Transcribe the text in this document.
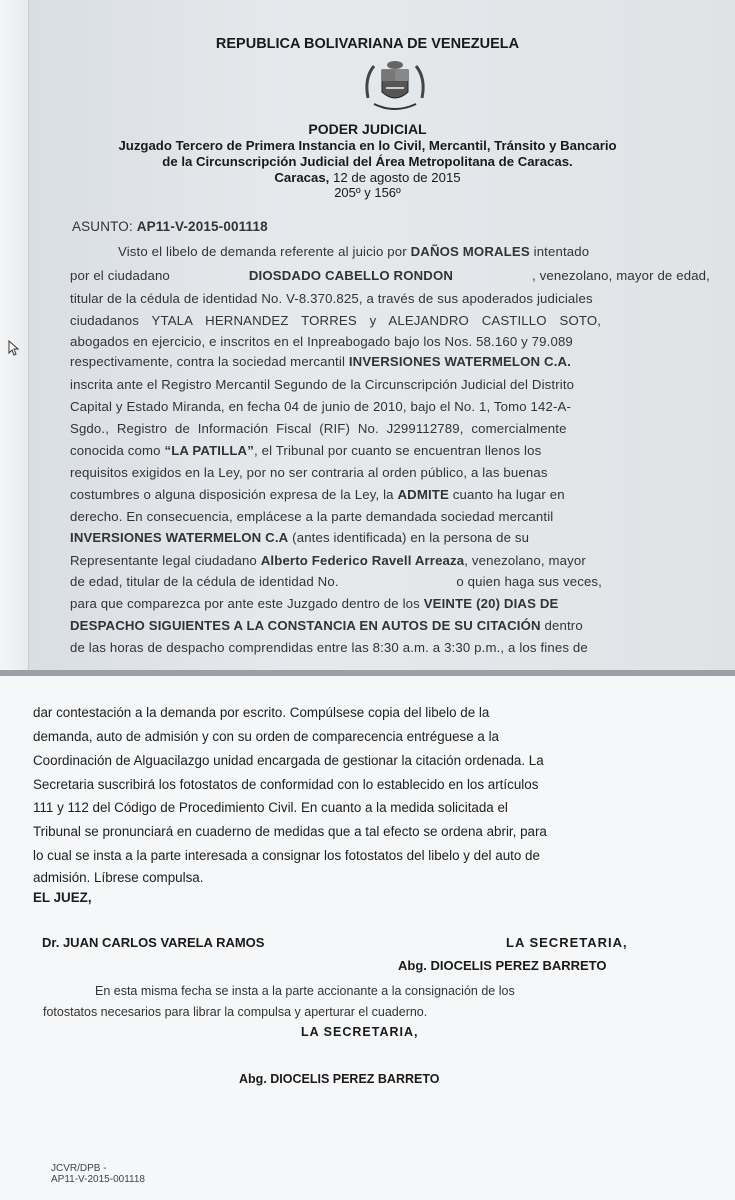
REPUBLICA BOLIVARIANA DE VENEZUELA
PODER JUDICIAL
Juzgado Tercero de Primera Instancia en lo Civil, Mercantil, Tránsito y Bancario
de la Circunscripción Judicial del Área Metropolitana de Caracas.
Caracas, 12 de agosto de 2015
205º y 156º
ASUNTO: AP11-V-2015-001118
Visto el libelo de demanda referente al juicio por DAÑOS MORALES intentado
por el ciudadano	DIOSDADO CABELLO RONDON	, venezolano, mayor de edad,
titular de la cédula de identidad No. V-8.370.825, a través de sus apoderados judiciales
ciudadanos YTALA HERNANDEZ TORRES y ALEJANDRO CASTILLO SOTO,
abogados en ejercicio, e inscritos en el Inpreabogado bajo los Nos. 58.160 y 79.089
respectivamente, contra la sociedad mercantil INVERSIONES WATERMELON C.A.
inscrita ante el Registro Mercantil Segundo de la Circunscripción Judicial del Distrito
Capital y Estado Miranda, en fecha 04 de junio de 2010, bajo el No. 1, Tomo 142-A-
Sgdo., Registro de Información Fiscal (RIF) No. J299112789, comercialmente
conocida como “LA PATILLA”, el Tribunal por cuanto se encuentran llenos los
requisitos exigidos en la Ley, por no ser contraria al orden público, a las buenas
costumbres o alguna disposición expresa de la Ley, la ADMITE cuanto ha lugar en
derecho. En consecuencia, emplácese a la parte demandada sociedad mercantil
INVERSIONES WATERMELON C.A (antes identificada) en la persona de su
Representante legal ciudadano Alberto Federico Ravell Arreaza, venezolano, mayor
de edad, titular de la cédula de identidad No.	o quien haga sus veces,
para que comparezca por ante este Juzgado dentro de los VEINTE (20) DIAS DE
DESPACHO SIGUIENTES A LA CONSTANCIA EN AUTOS DE SU CITACIÓN dentro
de las horas de despacho comprendidas entre las 8:30 a.m. a 3:30 p.m., a los fines de
dar contestación a la demanda por escrito. Compúlsese copia del libelo de la
demanda, auto de admisión y con su orden de comparecencia entréguese a la
Coordinación de Alguacilazgo unidad encargada de gestionar la citación ordenada. La
Secretaria suscribirá los fotostatos de conformidad con lo establecido en los artículos
111 y 112 del Código de Procedimiento Civil. En cuanto a la medida solicitada el
Tribunal se pronunciará en cuaderno de medidas que a tal efecto se ordena abrir, para
lo cual se insta a la parte interesada a consignar los fotostatos del libelo y del auto de
admisión. Líbrese compulsa.
EL JUEZ,
Dr. JUAN CARLOS VARELA RAMOS	LA SECRETARIA,
Abg. DIOCELIS PEREZ BARRETO
En esta misma fecha se insta a la parte accionante a la consignación de los
fotostatos necesarios para librar la compulsa y aperturar el cuaderno.
LA SECRETARIA,
Abg. DIOCELIS PEREZ BARRETO
JCVR/DPB -
AP11-V-2015-001118
